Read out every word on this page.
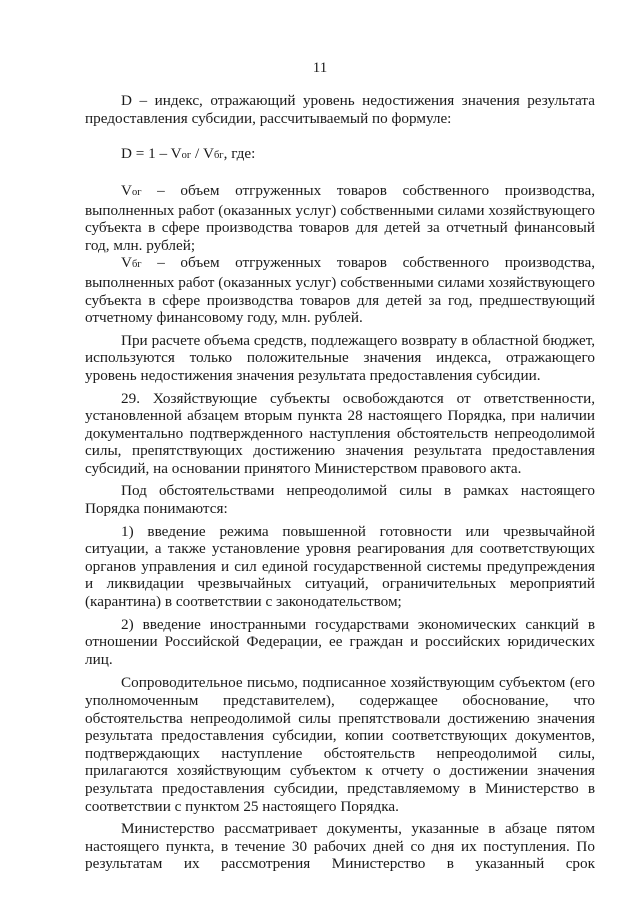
11

D – индекс, отражающий уровень недостижения значения результата предоставления субсидии, рассчитываемый по формуле:

D = 1 – Vог / Vбг, где:

Vог – объем отгруженных товаров собственного производства, выполненных работ (оказанных услуг) собственными силами хозяйствующего субъекта в сфере производства товаров для детей за отчетный финансовый год, млн. рублей;

Vбг – объем отгруженных товаров собственного производства, выполненных работ (оказанных услуг) собственными силами хозяйствующего субъекта в сфере производства товаров для детей за год, предшествующий отчетному финансовому году, млн. рублей.

При расчете объема средств, подлежащего возврату в областной бюджет, используются только положительные значения индекса, отражающего уровень недостижения значения результата предоставления субсидии.

29. Хозяйствующие субъекты освобождаются от ответственности, установленной абзацем вторым пункта 28 настоящего Порядка, при наличии документально подтвержденного наступления обстоятельств непреодолимой силы, препятствующих достижению значения результата предоставления субсидий, на основании принятого Министерством правового акта.

Под обстоятельствами непреодолимой силы в рамках настоящего Порядка понимаются:

1) введение режима повышенной готовности или чрезвычайной ситуации, а также установление уровня реагирования для соответствующих органов управления и сил единой государственной системы предупреждения и ликвидации чрезвычайных ситуаций, ограничительных мероприятий (карантина) в соответствии с законодательством;

2) введение иностранными государствами экономических санкций в отношении Российской Федерации, ее граждан и российских юридических лиц.

Сопроводительное письмо, подписанное хозяйствующим субъектом (его уполномоченным представителем), содержащее обоснование, что обстоятельства непреодолимой силы препятствовали достижению значения результата предоставления субсидии, копии соответствующих документов, подтверждающих наступление обстоятельств непреодолимой силы, прилагаются хозяйствующим субъектом к отчету о достижении значения результата предоставления субсидии, представляемому в Министерство в соответствии с пунктом 25 настоящего Порядка.

Министерство рассматривает документы, указанные в абзаце пятом настоящего пункта, в течение 30 рабочих дней со дня их поступления. По результатам их рассмотрения Министерство в указанный срок
